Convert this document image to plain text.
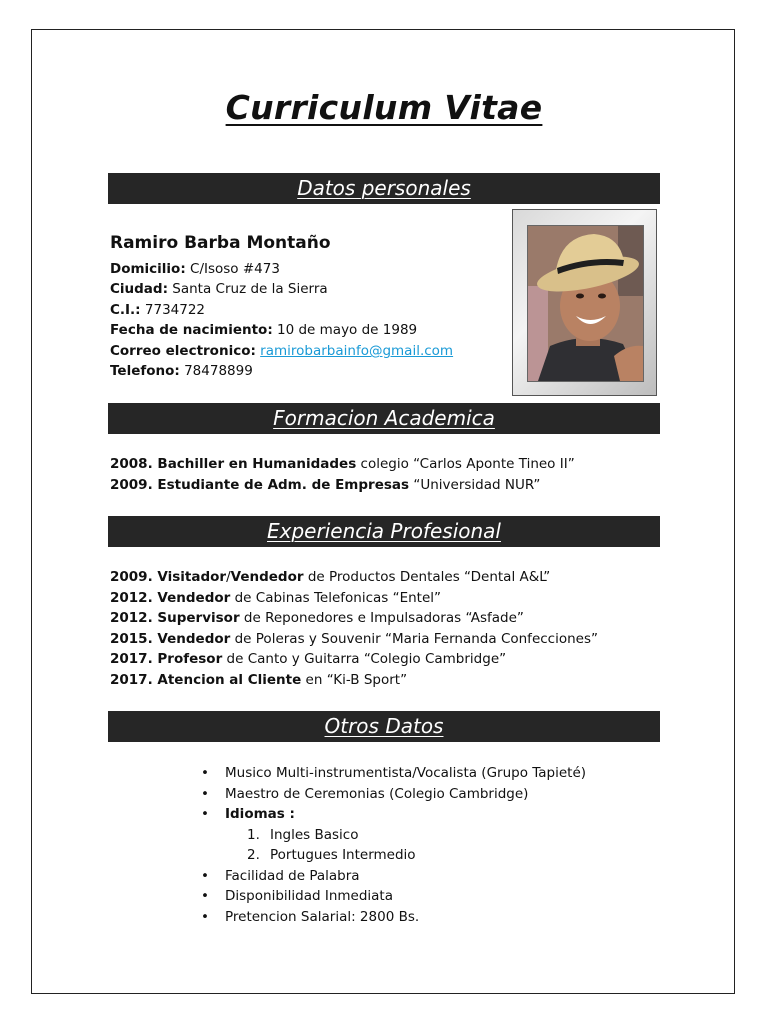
Curriculum Vitae
Datos personales
Ramiro Barba Montaño
Domicilio: C/Isoso #473
Ciudad: Santa Cruz de la Sierra
C.I.: 7734722
Fecha de nacimiento: 10 de mayo de 1989
Correo electronico: ramirobarbainfo@gmail.com
Telefono: 78478899
Formacion Academica
2008. Bachiller en Humanidades colegio “Carlos Aponte Tineo II”
2009. Estudiante de Adm. de Empresas “Universidad NUR”
Experiencia Profesional
2009. Visitador/Vendedor de Productos Dentales “Dental A&L”
2012. Vendedor de Cabinas Telefonicas “Entel”
2012. Supervisor de Reponedores e Impulsadoras “Asfade”
2015. Vendedor de Poleras y Souvenir “Maria Fernanda Confecciones”
2017. Profesor de Canto y Guitarra “Colegio Cambridge”
2017. Atencion al Cliente en “Ki-B Sport”
Otros Datos
• Musico Multi-instrumentista/Vocalista (Grupo Tapieté)
• Maestro de Ceremonias (Colegio Cambridge)
• Idiomas :
1. Ingles Basico
2. Portugues Intermedio
• Facilidad de Palabra
• Disponibilidad Inmediata
• Pretencion Salarial: 2800 Bs.
